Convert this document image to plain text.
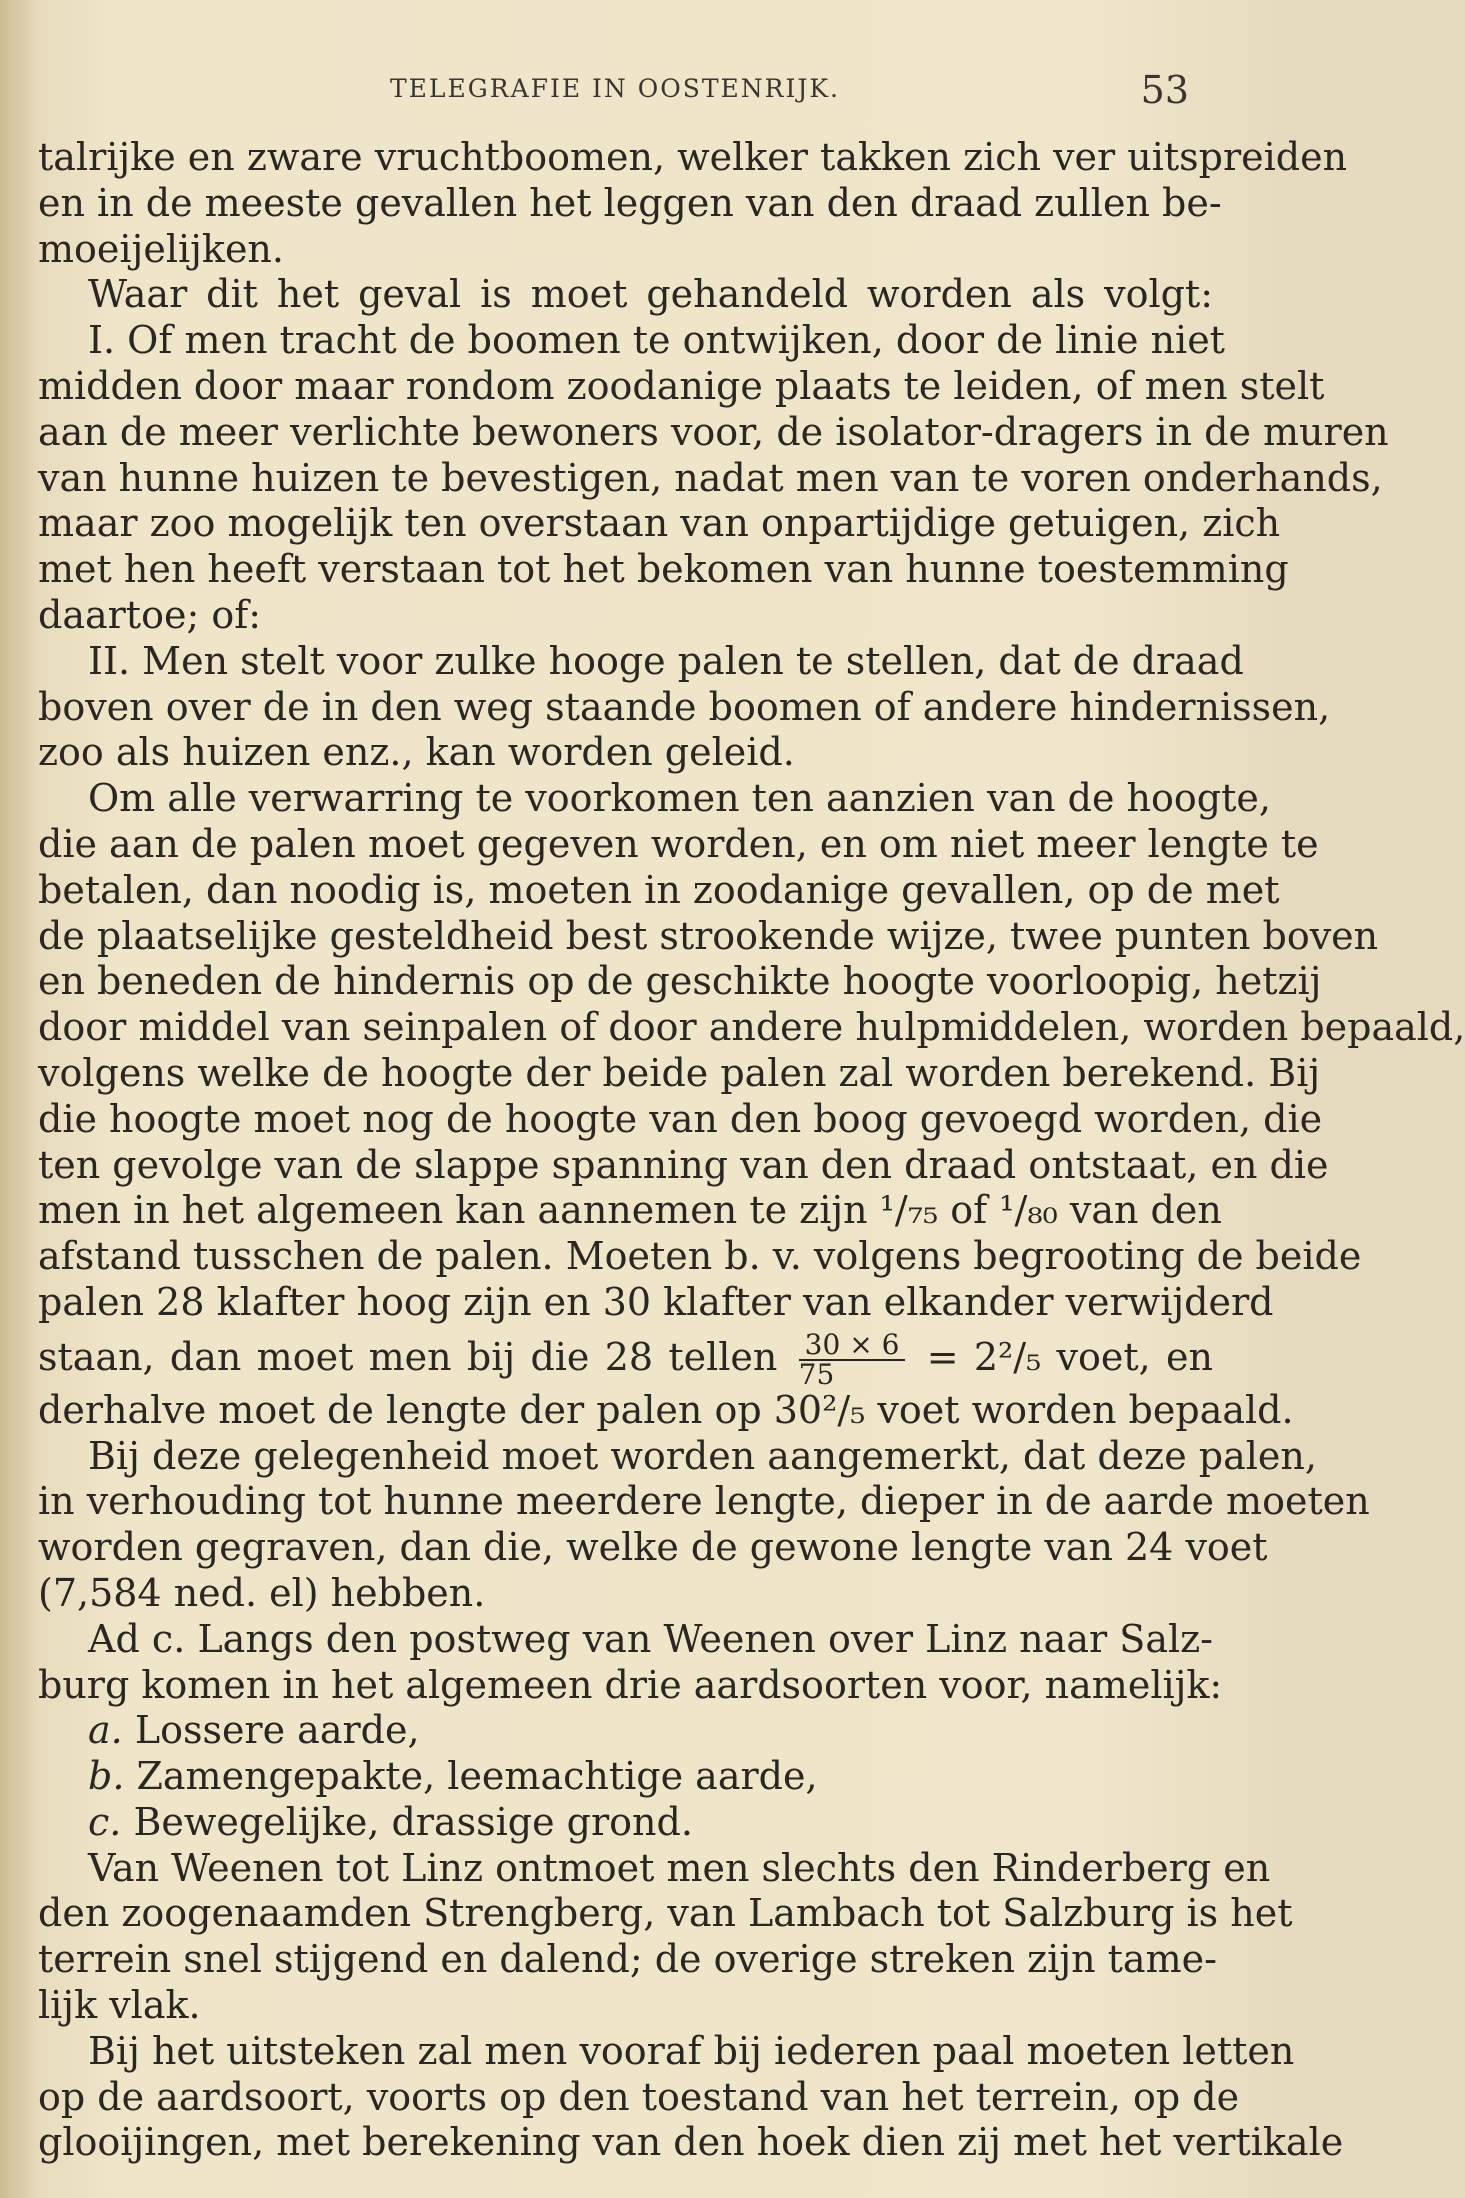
TELEGRAFIE IN OOSTENRIJK.	53
talrijke en zware vruchtboomen, welker takken zich ver uitspreiden
en in de meeste gevallen het leggen van den draad zullen be-
moeijelijken.
Waar dit het geval is moet gehandeld worden als volgt:
I. Of men tracht de boomen te ontwijken, door de linie niet
midden door maar rondom zoodanige plaats te leiden, of men stelt
aan de meer verlichte bewoners voor, de isolator-dragers in de muren
van hunne huizen te bevestigen, nadat men van te voren onderhands,
maar zoo mogelijk ten overstaan van onpartijdige getuigen, zich
met hen heeft verstaan tot het bekomen van hunne toestemming
daartoe; of:
II. Men stelt voor zulke hooge palen te stellen, dat de draad
boven over de in den weg staande boomen of andere hindernissen,
zoo als huizen enz., kan worden geleid.
Om alle verwarring te voorkomen ten aanzien van de hoogte,
die aan de palen moet gegeven worden, en om niet meer lengte te
betalen, dan noodig is, moeten in zoodanige gevallen, op de met
de plaatselijke gesteldheid best strookende wijze, twee punten boven
en beneden de hindernis op de geschikte hoogte voorloopig, hetzij
door middel van seinpalen of door andere hulpmiddelen, worden bepaald,
volgens welke de hoogte der beide palen zal worden berekend. Bij
die hoogte moet nog de hoogte van den boog gevoegd worden, die
ten gevolge van de slappe spanning van den draad ontstaat, en die
men in het algemeen kan aannemen te zijn ¹/₇₅ of ¹/₈₀ van den
afstand tusschen de palen. Moeten b. v. volgens begrooting de beide
palen 28 klafter hoog zijn en 30 klafter van elkander verwijderd
staan, dan moet men bij die 28 tellen $\frac{30 \times 6}{75} = 2^2/_5$ voet, en
derhalve moet de lengte der palen op 30²/₅ voet worden bepaald.
Bij deze gelegenheid moet worden aangemerkt, dat deze palen,
in verhouding tot hunne meerdere lengte, dieper in de aarde moeten
worden gegraven, dan die, welke de gewone lengte van 24 voet
(7,584 ned. el) hebben.
Ad c. Langs den postweg van Weenen over Linz naar Salz-
burg komen in het algemeen drie aardsoorten voor, namelijk:
a. Lossere aarde,
b. Zamengepakte, leemachtige aarde,
c. Bewegelijke, drassige grond.
Van Weenen tot Linz ontmoet men slechts den Rinderberg en
den zoogenaamden Strengberg, van Lambach tot Salzburg is het
terrein snel stijgend en dalend; de overige streken zijn tame-
lijk vlak.
Bij het uitsteken zal men vooraf bij iederen paal moeten letten
op de aardsoort, voorts op den toestand van het terrein, op de
glooijingen, met berekening van den hoek dien zij met het vertikale
